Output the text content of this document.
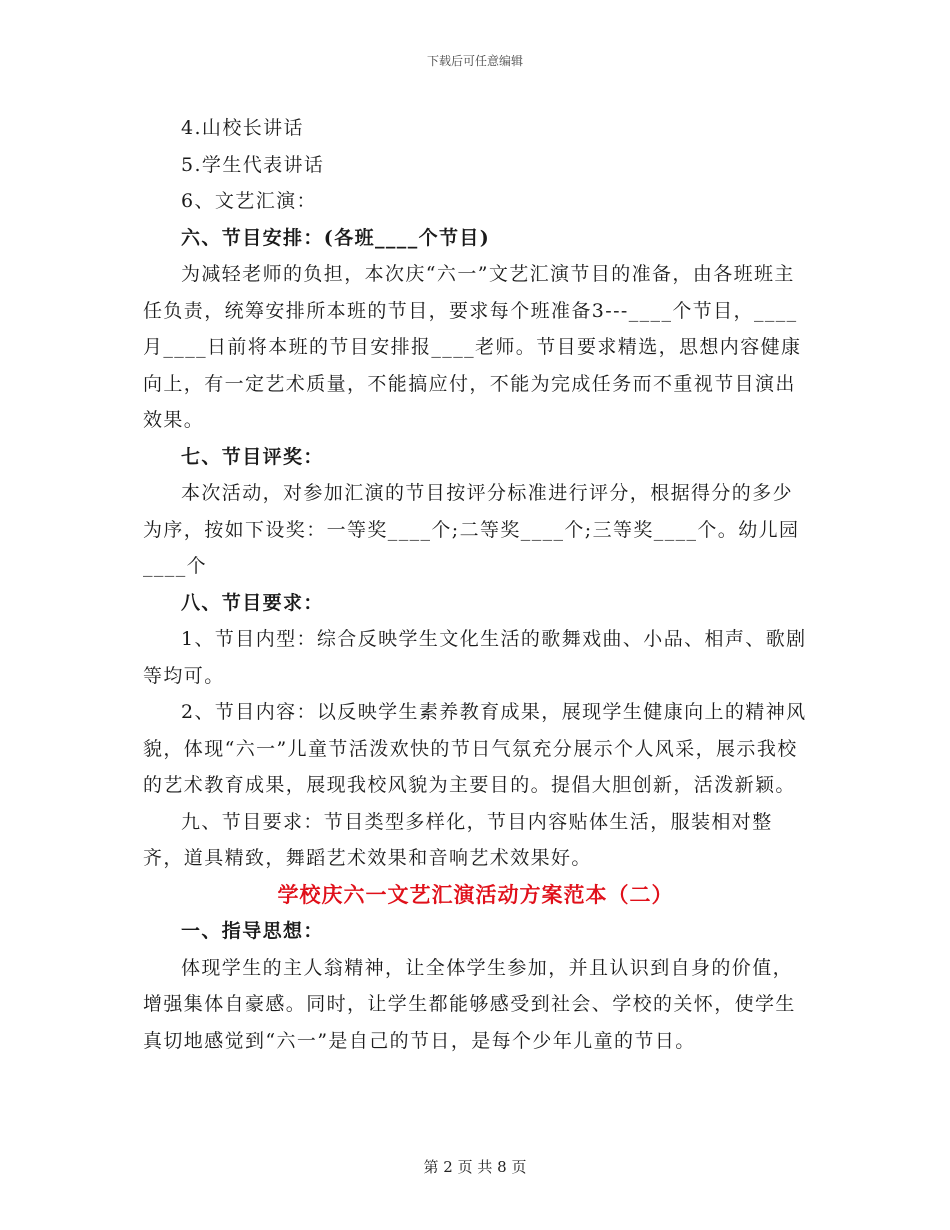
下载后可任意编辑

4.山校长讲话

5.学生代表讲话

6、文艺汇演：

六、节目安排：(各班____个节目)

为减轻老师的负担，本次庆“六一”文艺汇演节目的准备，由各班班主任负责，统筹安排所本班的节目，要求每个班准备3---____个节目，____月____日前将本班的节目安排报____老师。节目要求精选，思想内容健康向上，有一定艺术质量，不能搞应付，不能为完成任务而不重视节目演出效果。

七、节目评奖：

本次活动，对参加汇演的节目按评分标准进行评分，根据得分的多少为序，按如下设奖：一等奖____个;二等奖____个;三等奖____个。幼儿园____个

八、节目要求：

1、节目内型：综合反映学生文化生活的歌舞戏曲、小品、相声、歌剧等均可。

2、节目内容：以反映学生素养教育成果，展现学生健康向上的精神风貌，体现“六一”儿童节活泼欢快的节日气氛充分展示个人风采，展示我校的艺术教育成果，展现我校风貌为主要目的。提倡大胆创新，活泼新颖。

九、节目要求：节目类型多样化，节目内容贴体生活，服装相对整齐，道具精致，舞蹈艺术效果和音响艺术效果好。

学校庆六一文艺汇演活动方案范本（二）

一、指导思想：

体现学生的主人翁精神，让全体学生参加，并且认识到自身的价值，增强集体自豪感。同时，让学生都能够感受到社会、学校的关怀，使学生真切地感觉到“六一”是自己的节日，是每个少年儿童的节日。

第 2 页 共 8 页
